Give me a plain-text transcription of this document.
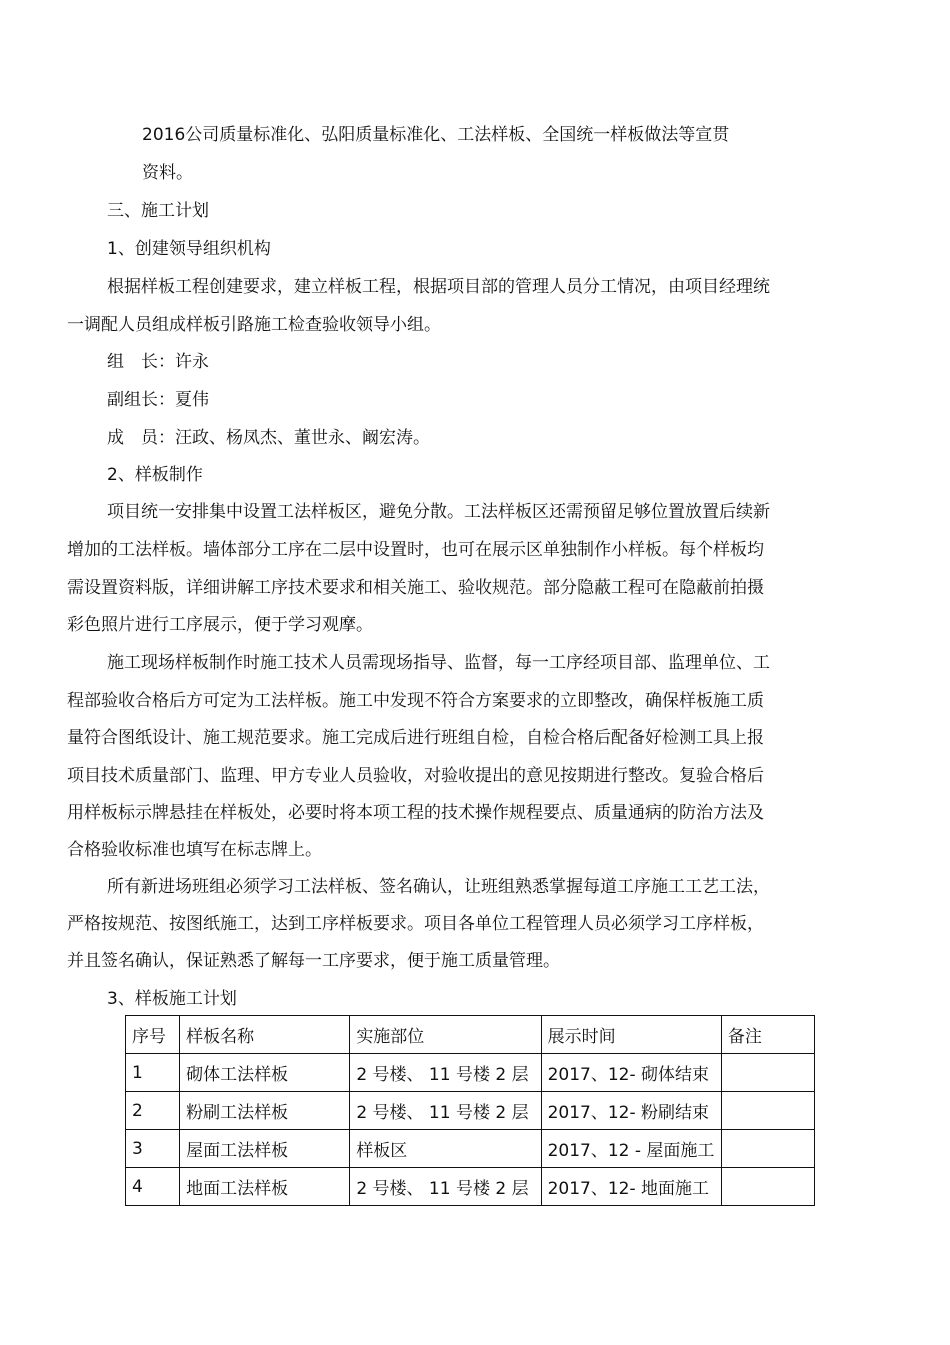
2016公司质量标准化、弘阳质量标准化、工法样板、全国统一样板做法等宣贯
资料。
三、施工计划
1、创建领导组织机构
根据样板工程创建要求，建立样板工程，根据项目部的管理人员分工情况，由项目经理统
一调配人员组成样板引路施工检查验收领导小组。
组　长：许永
副组长：夏伟
成　员：汪政、杨凤杰、董世永、阚宏涛。
2、样板制作
项目统一安排集中设置工法样板区，避免分散。工法样板区还需预留足够位置放置后续新
增加的工法样板。墙体部分工序在二层中设置时，也可在展示区单独制作小样板。每个样板均
需设置资料版，详细讲解工序技术要求和相关施工、验收规范。部分隐蔽工程可在隐蔽前拍摄
彩色照片进行工序展示，便于学习观摩。
施工现场样板制作时施工技术人员需现场指导、监督，每一工序经项目部、监理单位、工
程部验收合格后方可定为工法样板。施工中发现不符合方案要求的立即整改，确保样板施工质
量符合图纸设计、施工规范要求。施工完成后进行班组自检，自检合格后配备好检测工具上报
项目技术质量部门、监理、甲方专业人员验收，对验收提出的意见按期进行整改。复验合格后
用样板标示牌悬挂在样板处，必要时将本项工程的技术操作规程要点、质量通病的防治方法及
合格验收标准也填写在标志牌上。
所有新进场班组必须学习工法样板、签名确认，让班组熟悉掌握每道工序施工工艺工法，
严格按规范、按图纸施工，达到工序样板要求。项目各单位工程管理人员必须学习工序样板，
并且签名确认，保证熟悉了解每一工序要求，便于施工质量管理。
3、样板施工计划
序号	样板名称	实施部位	展示时间	备注
1	砌体工法样板	2 号楼、 11 号楼 2 层	2017、12- 砌体结束	
2	粉刷工法样板	2 号楼、 11 号楼 2 层	2017、12- 粉刷结束	
3	屋面工法样板	样板区	2017、12 - 屋面施工	
4	地面工法样板	2 号楼、 11 号楼 2 层	2017、12- 地面施工	
